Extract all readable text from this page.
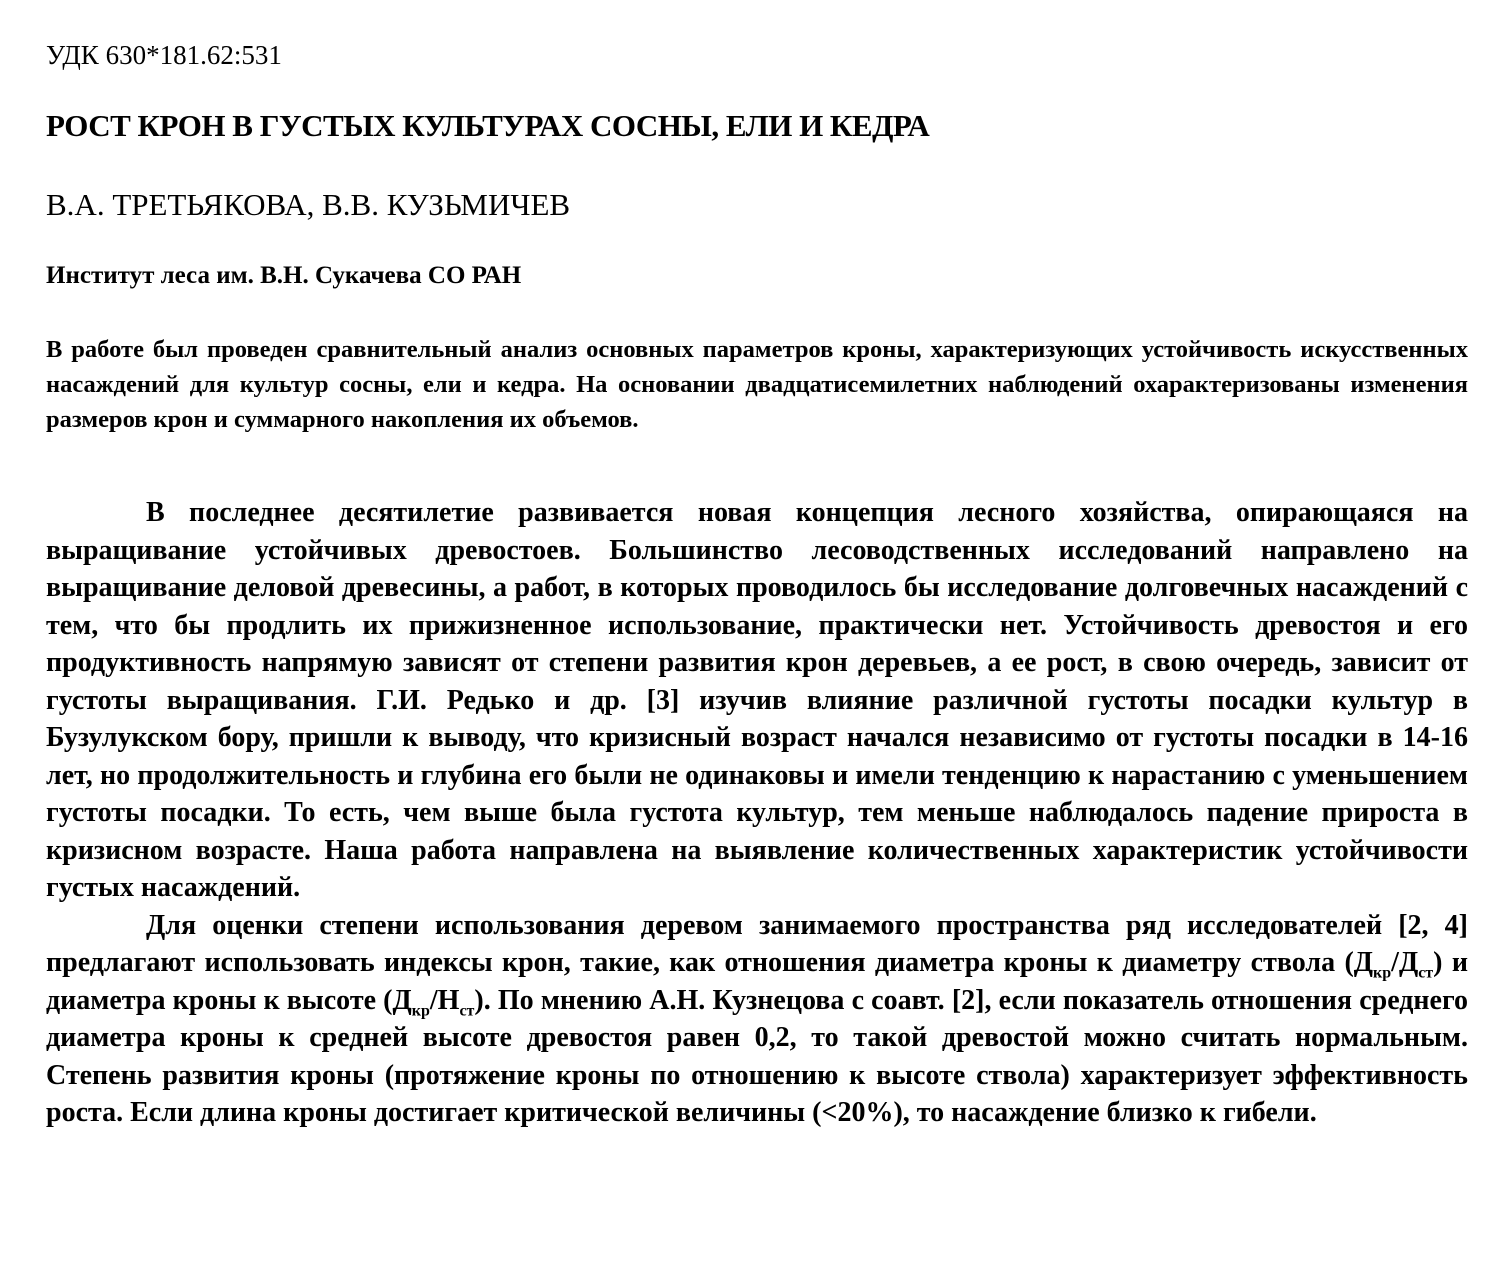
УДК 630*181.62:531
РОСТ КРОН В ГУСТЫХ КУЛЬТУРАХ СОСНЫ, ЕЛИ И КЕДРА
В.А. ТРЕТЬЯКОВА, В.В. КУЗЬМИЧЕВ
Институт леса им. В.Н. Сукачева СО РАН

В работе был проведен сравнительный анализ основных параметров кроны, характеризующих устойчивость искусственных насаждений для культур сосны, ели и кедра. На основании двадцатисемилетних наблюдений охарактеризованы изменения размеров крон и суммарного накопления их объемов.

В последнее десятилетие развивается новая концепция лесного хозяйства, опирающаяся на выращивание устойчивых древостоев. Большинство лесоводственных исследований направлено на выращивание деловой древесины, а работ, в которых проводилось бы исследование долговечных насаждений с тем, что бы продлить их прижизненное использование, практически нет. Устойчивость древостоя и его продуктивность напрямую зависят от степени развития крон деревьев, а ее рост, в свою очередь, зависит от густоты выращивания. Г.И. Редько и др. [3] изучив влияние различной густоты посадки культур в Бузулукском бору, пришли к выводу, что кризисный возраст начался независимо от густоты посадки в 14-16 лет, но продолжительность и глубина его были не одинаковы и имели тенденцию к нарастанию с уменьшением густоты посадки. То есть, чем выше была густота культур, тем меньше наблюдалось падение прироста в кризисном возрасте. Наша работа направлена на выявление количественных характеристик устойчивости густых насаждений.

Для оценки степени использования деревом занимаемого пространства ряд исследователей [2, 4] предлагают использовать индексы крон, такие, как отношения диаметра кроны к диаметру ствола $(Д_{кр}/Д_{ст})$ и диаметра кроны к высоте $(Д_{кр}/Н_{ст})$. По мнению А.Н. Кузнецова с соавт. [2], если показатель отношения среднего диаметра кроны к средней высоте древостоя равен 0,2, то такой древостой можно считать нормальным. Степень развития кроны (протяжение кроны по отношению к высоте ствола) характеризует эффективность роста. Если длина кроны достигает критической величины (<20%), то насаждение близко к гибели.
